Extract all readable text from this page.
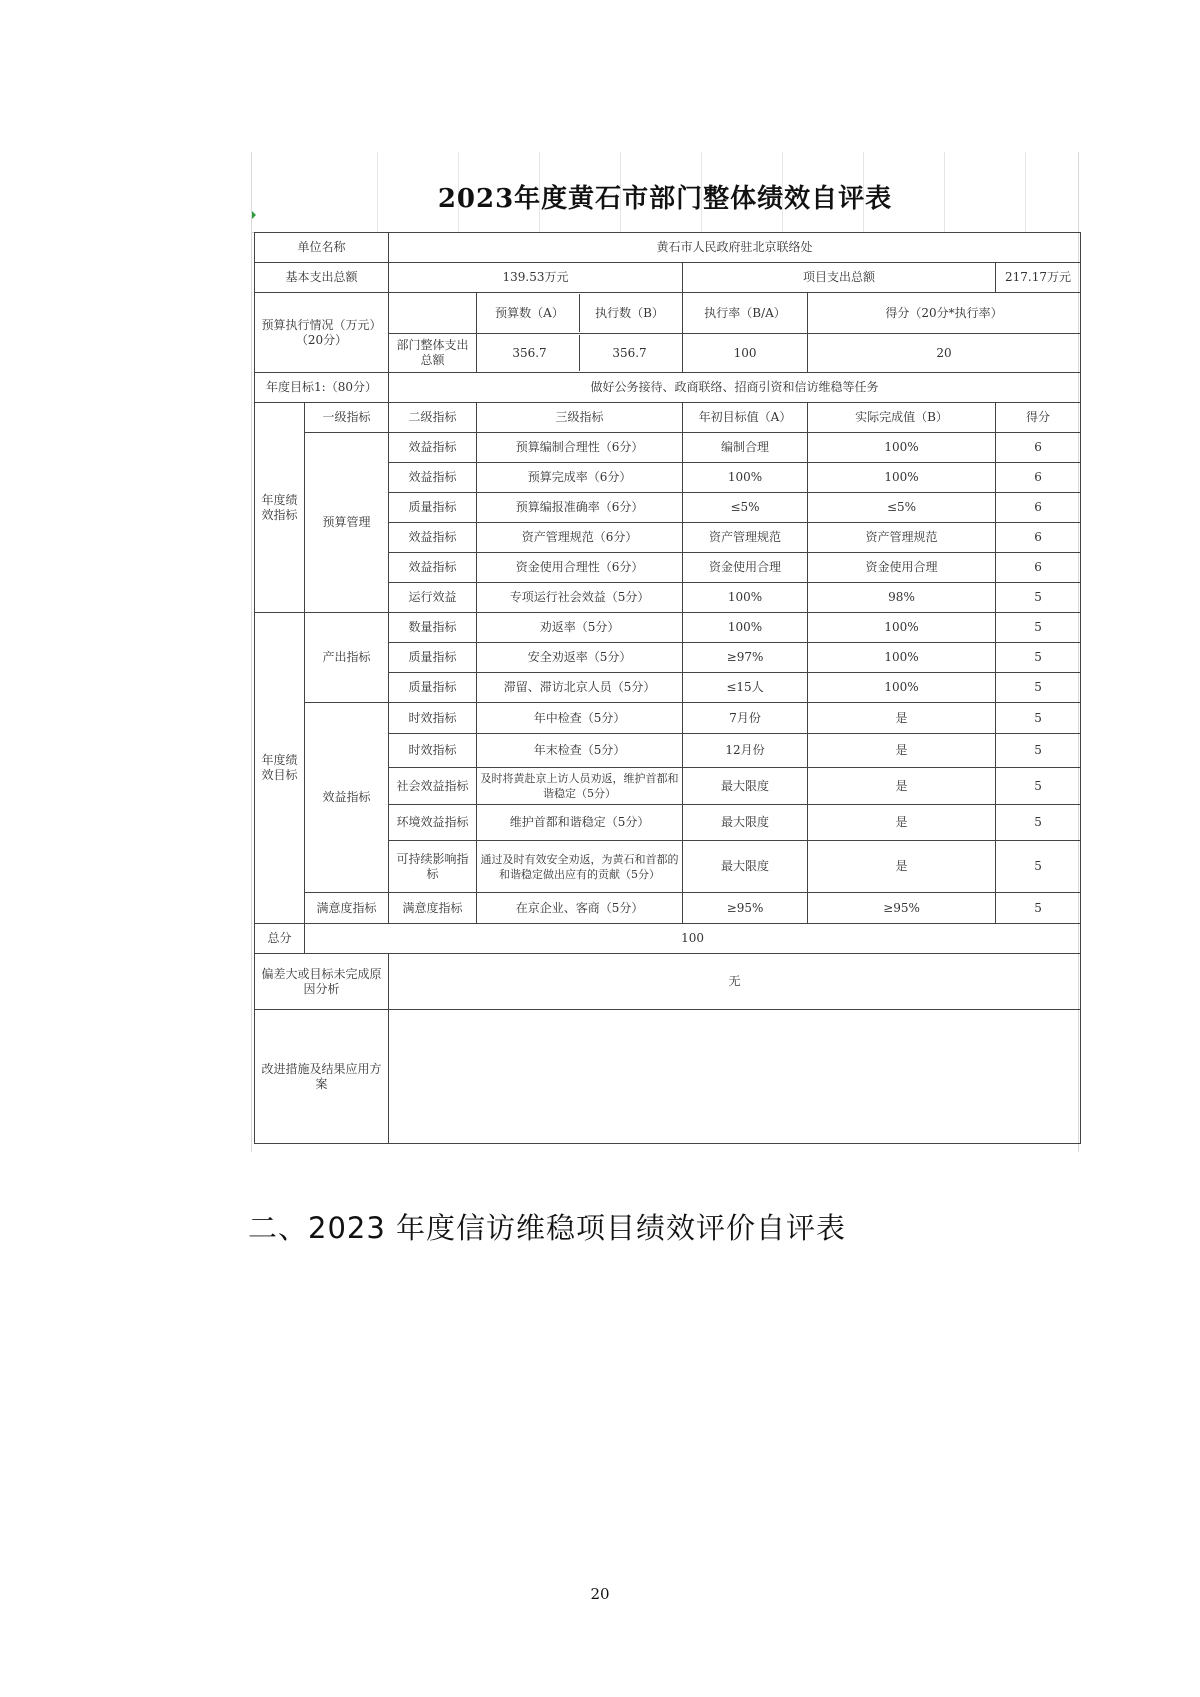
2023年度黄石市部门整体绩效自评表
单位名称		黄石市人民政府驻北京联络处				
基本支出总额		139.53万元		项目支出总额		217.17万元
预算执行情况（万元）（20分）			预算数（A） 执行数（B）	执行率（B/A）	得分（20分*执行率）	
		部门整体支出总额	356.7 356.7	100	20	
年度目标1:（80分）		做好公务接待、政商联络、招商引资和信访维稳等任务				
年度绩效指标	一级指标	二级指标	三级指标	年初目标值（A）	实际完成值（B）	得分
	预算管理	效益指标	预算编制合理性（6分）	编制合理	100%	6
		效益指标	预算完成率（6分）	100%	100%	6
		质量指标	预算编报准确率（6分）	≤5%	≤5%	6
		效益指标	资产管理规范（6分）	资产管理规范	资产管理规范	6
		效益指标	资金使用合理性（6分）	资金使用合理	资金使用合理	6
		运行效益	专项运行社会效益（5分）	100%	98%	5
年度绩效目标	产出指标	数量指标	劝返率（5分）	100%	100%	5
		质量指标	安全劝返率（5分）	≥97%	100%	5
		质量指标	滞留、滞访北京人员（5分）	≤15人	100%	5
	效益指标	时效指标	年中检查（5分）	7月份	是	5
		时效指标	年末检查（5分）	12月份	是	5
		社会效益指标	及时将黄赴京上访人员劝返，维护首都和谐稳定（5分）	最大限度	是	5
		环境效益指标	维护首都和谐稳定（5分）	最大限度	是	5
		可持续影响指标	通过及时有效安全劝返，为黄石和首都的和谐稳定做出应有的贡献（5分）	最大限度	是	5
	满意度指标	满意度指标	在京企业、客商（5分）	≥95%	≥95%	5
总分	100					
偏差大或目标未完成原因分析		无				
改进措施及结果应用方案						
二、2023 年度信访维稳项目绩效评价自评表
20
